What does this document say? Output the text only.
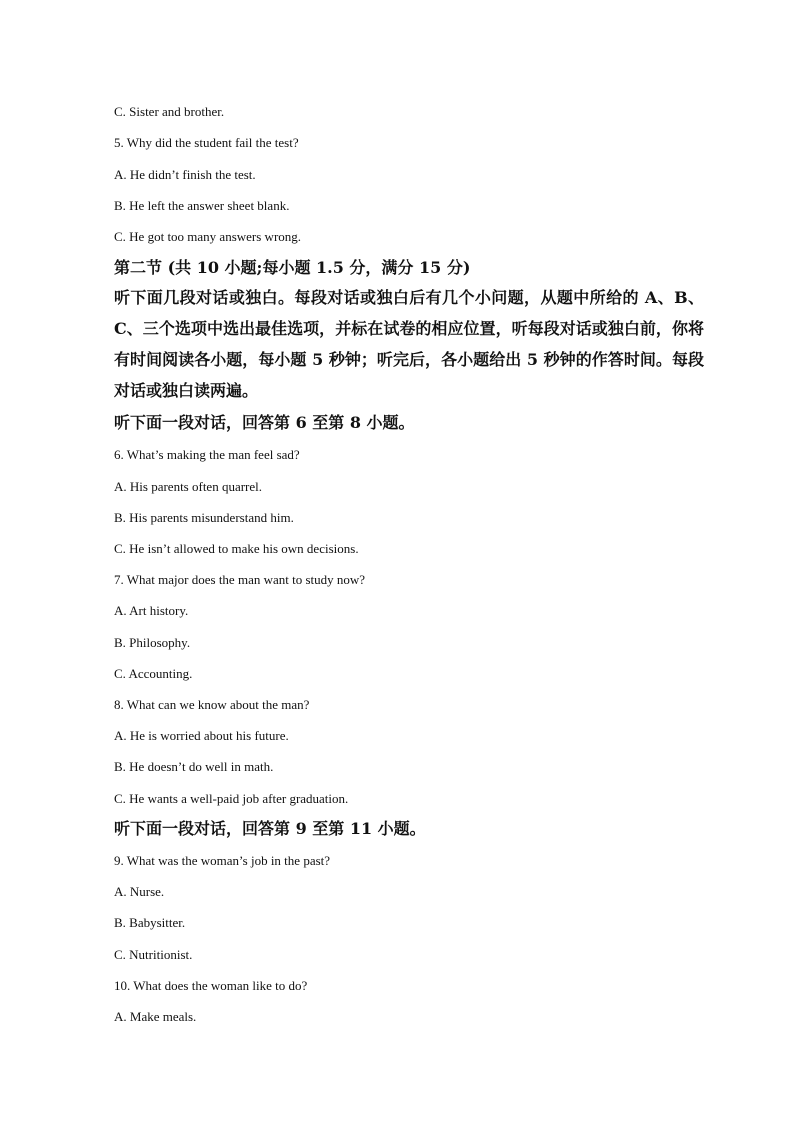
C. Sister and brother.
5. Why did the student fail the test?
A. He didn’t finish the test.
B. He left the answer sheet blank.
C. He got too many answers wrong.
第二节 (共 10 小题;每小题 1.5 分，满分 15 分)
听下面几段对话或独白。每段对话或独白后有几个小问题，从题中所给的 A、B、C、三个选项中选出最佳选项，并标在试卷的相应位置，听每段对话或独白前，你将有时间阅读各小题，每小题 5 秒钟；听完后，各小题给出 5 秒钟的作答时间。每段对话或独白读两遍。
听下面一段对话，回答第 6 至第 8 小题。
6. What’s making the man feel sad?
A. His parents often quarrel.
B. His parents misunderstand him.
C. He isn’t allowed to make his own decisions.
7. What major does the man want to study now?
A. Art history.
B. Philosophy.
C. Accounting.
8. What can we know about the man?
A. He is worried about his future.
B. He doesn’t do well in math.
C. He wants a well-paid job after graduation.
听下面一段对话，回答第 9 至第 11 小题。
9. What was the woman’s job in the past?
A. Nurse.
B. Babysitter.
C. Nutritionist.
10. What does the woman like to do?
A. Make meals.
